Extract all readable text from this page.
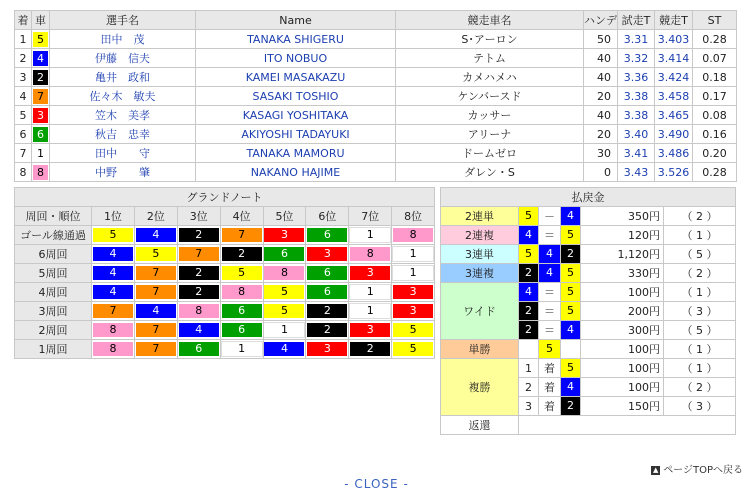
着	車	選手名	Name	競走車名	ハンデ	試走T	競走T	ST
1	5	田中　茂	TANAKA SHIGERU	S･アーロン	50	3.31	3.403	0.28
2	4	伊藤　信夫	ITO NOBUO	テトム	40	3.32	3.414	0.07
3	2	亀井　政和	KAMEI MASAKAZU	カメハメハ	40	3.36	3.424	0.18
4	7	佐々木　敏夫	SASAKI TOSHIO	ケンバースド	20	3.38	3.458	0.17
5	3	笠木　美孝	KASAGI YOSHITAKA	カッサー	40	3.38	3.465	0.08
6	6	秋吉　忠幸	AKIYOSHI TADAYUKI	アリーナ	20	3.40	3.490	0.16
7	1	田中　　守	TANAKA MAMORU	ドームゼロ	30	3.41	3.486	0.20
8	8	中野　　肇	NAKANO HAJIME	ダレン・S	0	3.43	3.526	0.28
グランドノート								
周回・順位	1位	2位	3位	4位	5位	6位	7位	8位
ゴール線通過	5	4	2	7	3	6	1	8
6周回	4	5	7	2	6	3	8	1
5周回	4	7	2	5	8	6	3	1
4周回	4	7	2	8	5	6	1	3
3周回	7	4	8	6	5	2	1	3
2周回	8	7	4	6	1	2	3	5
1周回	8	7	6	1	4	3	2	5
払戻金					
2連単	5	－	4	350円	（ 2 ）
2連複	4	＝	5	120円	（ 1 ）
3連単	5	4	2	1,120円	（ 5 ）
3連複	2	4	5	330円	（ 2 ）
ワイド	4	＝	5	100円	（ 1 ）

	2	＝	5	200円	（ 3 ）

	2	＝	4	300円	（ 5 ）
単勝		5		100円	（ 1 ）
複勝	1	着	5	100円	（ 1 ）
	2	着	4	100円	（ 2 ）
	3	着	2	150円	（ 3 ）
返還					
▲ ページTOPへ戻る
- CLOSE -
